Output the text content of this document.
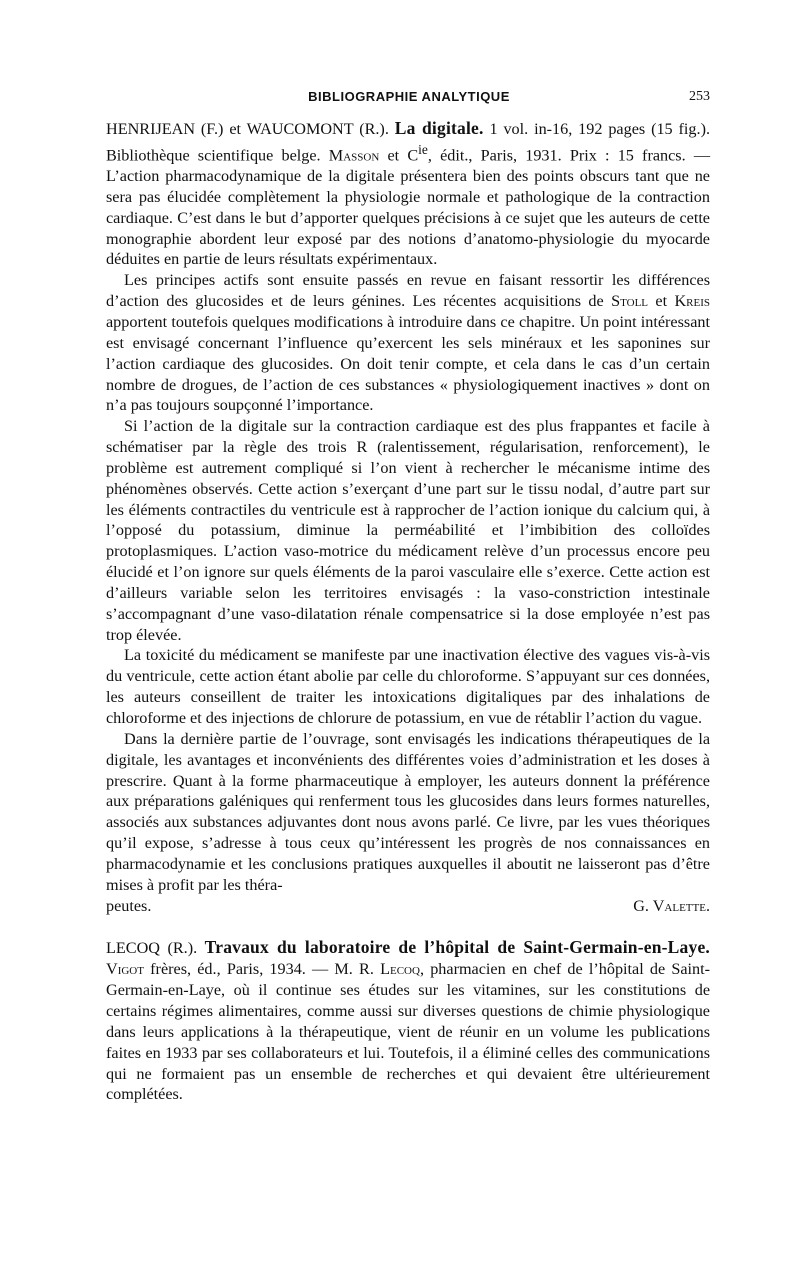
BIBLIOGRAPHIE ANALYTIQUE	253

HENRIJEAN (F.) et WAUCOMONT (R.). La digitale. 1 vol. in-16, 192 pages (15 fig.). Bibliothèque scientifique belge. Masson et $C^{ie}$, édit., Paris, 1931. Prix : 15 francs. — L’action pharmacodynamique de la digitale présentera bien des points obscurs tant que ne sera pas élucidée complètement la physiologie normale et pathologique de la contraction cardiaque. C’est dans le but d’apporter quelques précisions à ce sujet que les auteurs de cette monographie abordent leur exposé par des notions d’anatomo-physiologie du myocarde déduites en partie de leurs résultats expérimentaux.

Les principes actifs sont ensuite passés en revue en faisant ressortir les différences d’action des glucosides et de leurs génines. Les récentes acquisitions de Stoll et Kreis apportent toutefois quelques modifications à introduire dans ce chapitre. Un point intéressant est envisagé concernant l’influence qu’exercent les sels minéraux et les saponines sur l’action cardiaque des glucosides. On doit tenir compte, et cela dans le cas d’un certain nombre de drogues, de l’action de ces substances « physiologiquement inactives » dont on n’a pas toujours soupçonné l’importance.

Si l’action de la digitale sur la contraction cardiaque est des plus frappantes et facile à schématiser par la règle des trois R (ralentissement, régularisation, renforcement), le problème est autrement compliqué si l’on vient à rechercher le mécanisme intime des phénomènes observés. Cette action s’exerçant d’une part sur le tissu nodal, d’autre part sur les éléments contractiles du ventricule est à rapprocher de l’action ionique du calcium qui, à l’opposé du potassium, diminue la perméabilité et l’imbibition des colloïdes protoplasmiques. L’action vaso-motrice du médicament relève d’un processus encore peu élucidé et l’on ignore sur quels éléments de la paroi vasculaire elle s’exerce. Cette action est d’ailleurs variable selon les territoires envisagés : la vaso-constriction intestinale s’accompagnant d’une vaso-dilatation rénale compensatrice si la dose employée n’est pas trop élevée.

La toxicité du médicament se manifeste par une inactivation élective des vagues vis-à-vis du ventricule, cette action étant abolie par celle du chloroforme. S’appuyant sur ces données, les auteurs conseillent de traiter les intoxications digitaliques par des inhalations de chloroforme et des injections de chlorure de potassium, en vue de rétablir l’action du vague.

Dans la dernière partie de l’ouvrage, sont envisagés les indications thérapeutiques de la digitale, les avantages et inconvénients des différentes voies d’administration et les doses à prescrire. Quant à la forme pharmaceutique à employer, les auteurs donnent la préférence aux préparations galéniques qui renferment tous les glucosides dans leurs formes naturelles, associés aux substances adjuvantes dont nous avons parlé. Ce livre, par les vues théoriques qu’il expose, s’adresse à tous ceux qu’intéressent les progrès de nos connaissances en pharmacodynamie et les conclusions pratiques auxquelles il aboutit ne laisseront pas d’être mises à profit par les théra-

peutes.	G. Valette.

LECOQ (R.). Travaux du laboratoire de l’hôpital de Saint-Germain-en-Laye. Vigot frères, éd., Paris, 1934. — M. R. Lecoq, pharmacien en chef de l’hôpital de Saint-Germain-en-Laye, où il continue ses études sur les vitamines, sur les constitutions de certains régimes alimentaires, comme aussi sur diverses questions de chimie physiologique dans leurs applications à la thérapeutique, vient de réunir en un volume les publications faites en 1933 par ses collaborateurs et lui. Toutefois, il a éliminé celles des communications qui ne formaient pas un ensemble de recherches et qui devaient être ultérieurement complétées.
